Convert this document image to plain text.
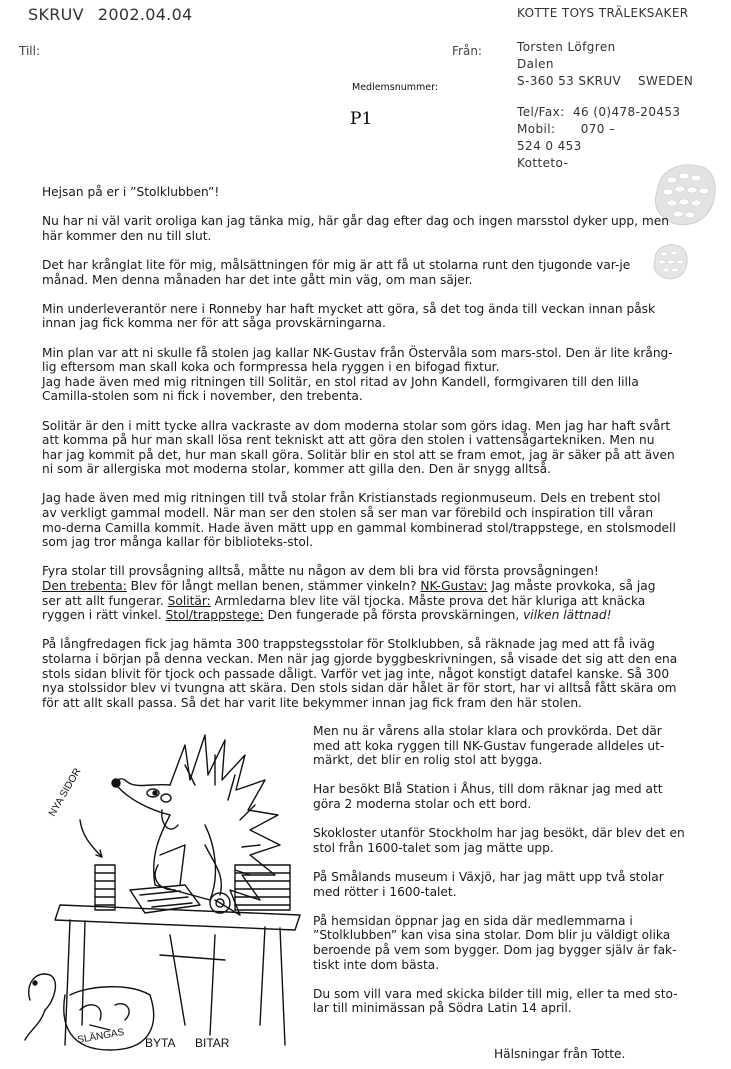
SKRUV 2002.04.04
Till:	Från:
KOTTE TOYS TRÄLEKSAKER
Torsten Löfgren
Dalen
S-360 53 SKRUV    SWEDEN
Tel/Fax:  46 (0)478-20453
Mobil:      070 –
524 0 453
Kotteto-
Medlemsnummer:
P1

Hejsan på er i ”Stolklubben”!

Nu har ni väl varit oroliga kan jag tänka mig, här går dag efter dag och ingen marsstol dyker upp, men här kommer den nu till slut.

Det har krånglat lite för mig, målsättningen för mig är att få ut stolarna runt den tjugonde var-je månad. Men denna månaden har det inte gått min väg, om man säjer.

Min underleverantör nere i Ronneby har haft mycket att göra, så det tog ända till veckan innan påsk innan jag fick komma ner för att såga provskärningarna.

Min plan var att ni skulle få stolen jag kallar NK-Gustav från Östervåla som mars-stol. Den är lite krång-lig eftersom man skall koka och formpressa hela ryggen i en bifogad fixtur.

Jag hade även med mig ritningen till Solitär, en stol ritad av John Kandell, formgivaren till den lilla Camilla-stolen som ni fick i november, den trebenta.

Solitär är den i mitt tycke allra vackraste av dom moderna stolar som görs idag. Men jag har haft svårt att komma på hur man skall lösa rent tekniskt att att göra den stolen i vattensågartekniken. Men nu har jag kommit på det, hur man skall göra. Solitär blir en stol att se fram emot, jag är säker på att även ni som är allergiska mot moderna stolar, kommer att gilla den. Den är snygg alltså.

Jag hade även med mig ritningen till två stolar från Kristianstads regionmuseum. Dels en trebent stol av verkligt gammal modell. När man ser den stolen så ser man var förebild och inspiration till våran mo-derna Camilla kommit. Hade även mätt upp en gammal kombinerad stol/trappstege, en stolsmodell som jag tror många kallar för biblioteks-stol.

Fyra stolar till provsågning alltså, måtte nu någon av dem bli bra vid första provsågningen!
Den trebenta: Blev för långt mellan benen, stämmer vinkeln? NK-Gustav: Jag måste provkoka, så jag ser att allt fungerar. Solitär: Armledarna blev lite väl tjocka. Måste prova det här kluriga att knäcka ryggen i rätt vinkel. Stol/trappstege: Den fungerade på första provskärningen, vilken lättnad!

På långfredagen fick jag hämta 300 trappstegsstolar för Stolklubben, så räknade jag med att få iväg stolarna i början på denna veckan. Men när jag gjorde byggbeskrivningen, så visade det sig att den ena stols sidan blivit för tjock och passade dåligt. Varför vet jag inte, något konstigt datafel kanske. Så 300 nya stolssidor blev vi tvungna att skära. Den stols sidan där hålet är för stort, har vi alltså fått skära om för att allt skall passa. Så det har varit lite bekymmer innan jag fick fram den här stolen.

Men nu är vårens alla stolar klara och provkörda. Det där med att koka ryggen till NK-Gustav fungerade alldeles ut-märkt, det blir en rolig stol att bygga.

Har besökt Blå Station i Åhus, till dom räknar jag med att göra 2 moderna stolar och ett bord.

Skokloster utanför Stockholm har jag besökt, där blev det en stol från 1600-talet som jag mätte upp.

På Smålands museum i Växjö, har jag mätt upp två stolar med rötter i 1600-talet.

På hemsidan öppnar jag en sida där medlemmarna i ”Stolklubben” kan visa sina stolar. Dom blir ju väldigt olika beroende på vem som bygger. Dom jag bygger själv är fak-tiskt inte dom bästa.

Du som vill vara med skicka bilder till mig, eller ta med sto-lar till minimässan på Södra Latin 14 april.

NYA SIDOR
SLÄNGAS BYTA BITAR
Hälsningar från Totte.
